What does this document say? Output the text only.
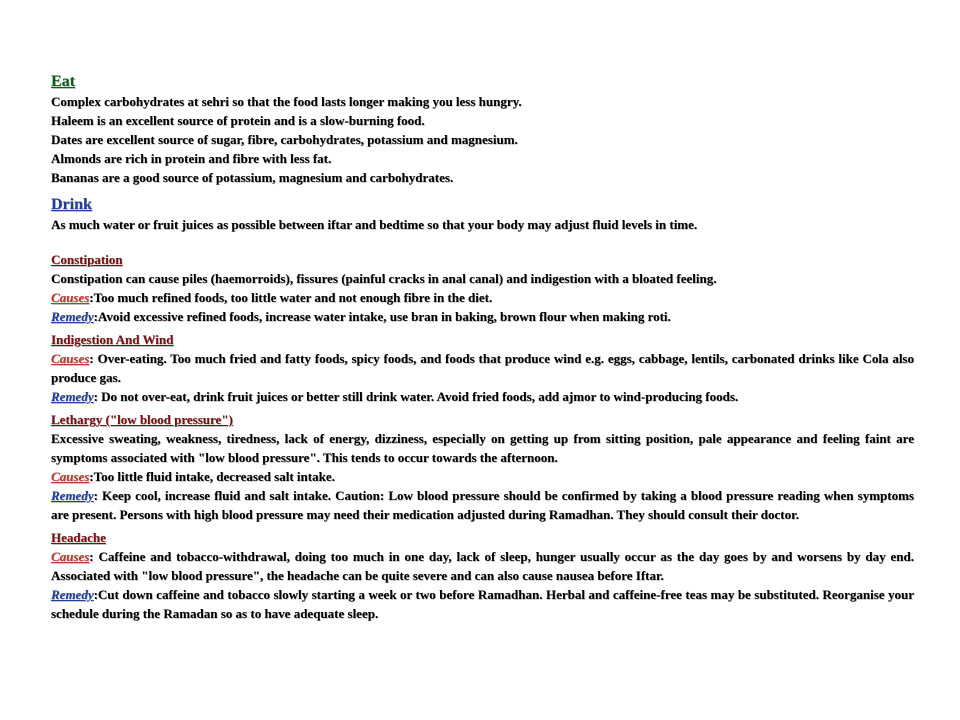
Eat

Complex carbohydrates at sehri so that the food lasts longer making you less hungry.

Haleem is an excellent source of protein and is a slow-burning food.

Dates are excellent source of sugar, fibre, carbohydrates, potassium and magnesium.

Almonds are rich in protein and fibre with less fat.

Bananas are a good source of potassium, magnesium and carbohydrates.

Drink

As much water or fruit juices as possible between iftar and bedtime so that your body may adjust fluid levels in time.

Constipation

Constipation can cause piles (haemorroids), fissures (painful cracks in anal canal) and indigestion with a bloated feeling.

Causes:Too much refined foods, too little water and not enough fibre in the diet.

Remedy:Avoid excessive refined foods, increase water intake, use bran in baking, brown flour when making roti.

Indigestion And Wind

Causes: Over-eating. Too much fried and fatty foods, spicy foods, and foods that produce wind e.g. eggs, cabbage, lentils, carbonated drinks like Cola also produce gas.

Remedy: Do not over-eat, drink fruit juices or better still drink water. Avoid fried foods, add ajmor to wind-producing foods.

Lethargy ("low blood pressure")

Excessive sweating, weakness, tiredness, lack of energy, dizziness, especially on getting up from sitting position, pale appearance and feeling faint are symptoms associated with "low blood pressure". This tends to occur towards the afternoon.

Causes:Too little fluid intake, decreased salt intake.

Remedy: Keep cool, increase fluid and salt intake. Caution: Low blood pressure should be confirmed by taking a blood pressure reading when symptoms are present. Persons with high blood pressure may need their medication adjusted during Ramadhan. They should consult their doctor.

Headache

Causes: Caffeine and tobacco-withdrawal, doing too much in one day, lack of sleep, hunger usually occur as the day goes by and worsens by day end. Associated with "low blood pressure", the headache can be quite severe and can also cause nausea before Iftar.

Remedy:Cut down caffeine and tobacco slowly starting a week or two before Ramadhan. Herbal and caffeine-free teas may be substituted. Reorganise your schedule during the Ramadan so as to have adequate sleep.
